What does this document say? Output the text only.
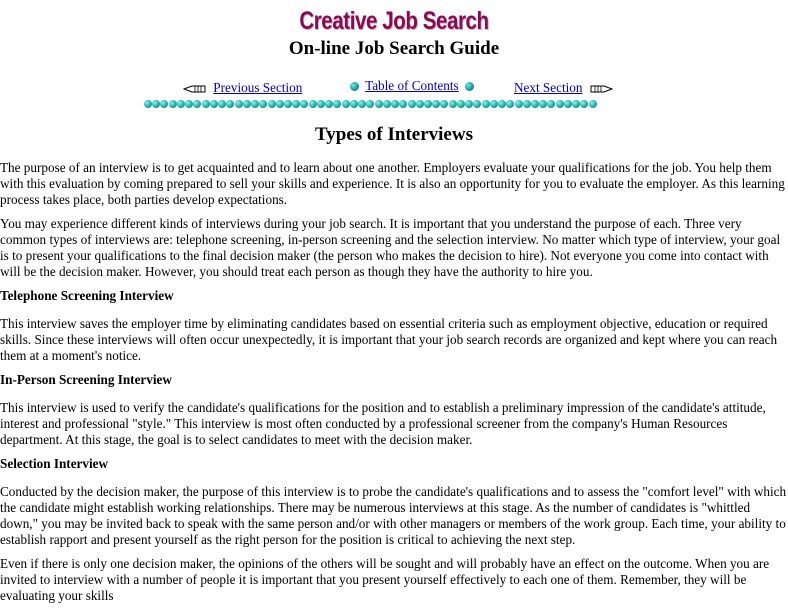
Creative Job Search
On-line Job Search Guide
Previous Section	Table of Contents	Next Section
Types of Interviews

The purpose of an interview is to get acquainted and to learn about one another. Employers evaluate your qualifications for the job. You help them with this evaluation by coming prepared to sell your skills and experience. It is also an opportunity for you to evaluate the employer. As this learning process takes place, both parties develop expectations.

You may experience different kinds of interviews during your job search. It is important that you understand the purpose of each. Three very common types of interviews are: telephone screening, in-person screening and the selection interview. No matter which type of interview, your goal is to present your qualifications to the final decision maker (the person who makes the decision to hire). Not everyone you come into contact with will be the decision maker. However, you should treat each person as though they have the authority to hire you.

Telephone Screening Interview

This interview saves the employer time by eliminating candidates based on essential criteria such as employment objective, education or required skills. Since these interviews will often occur unexpectedly, it is important that your job search records are organized and kept where you can reach them at a moment's notice.

In-Person Screening Interview

This interview is used to verify the candidate's qualifications for the position and to establish a preliminary impression of the candidate's attitude, interest and professional "style." This interview is most often conducted by a professional screener from the company's Human Resources department. At this stage, the goal is to select candidates to meet with the decision maker.

Selection Interview

Conducted by the decision maker, the purpose of this interview is to probe the candidate's qualifications and to assess the "comfort level" with which the candidate might establish working relationships. There may be numerous interviews at this stage. As the number of candidates is "whittled down," you may be invited back to speak with the same person and/or with other managers or members of the work group. Each time, your ability to establish rapport and present yourself as the right person for the position is critical to achieving the next step.

Even if there is only one decision maker, the opinions of the others will be sought and will probably have an effect on the outcome. When you are invited to interview with a number of people it is important that you present yourself effectively to each one of them. Remember, they will be evaluating your skills
